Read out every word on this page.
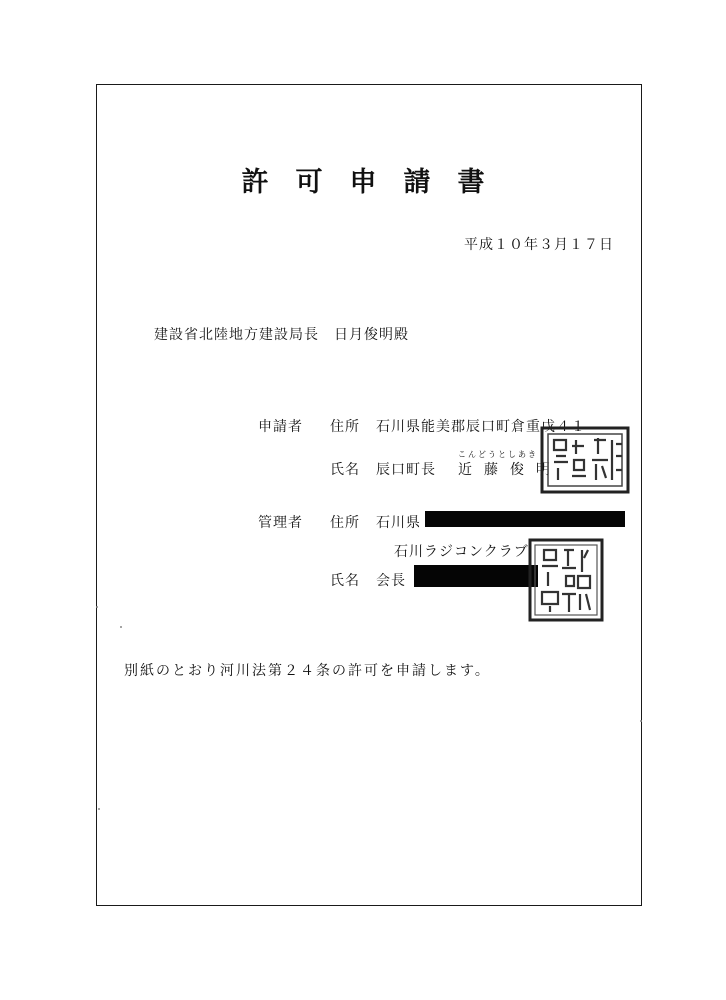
許可申請書
平成１０年３月１７日
建設省北陸地方建設局長　日月俊明殿
申請者 住所 石川県能美郡辰口町倉重戊４１
こんどうとしあき
氏名 辰口町長 近藤俊明
管理者 住所 石川県
石川ラジコンクラブ
氏名 会長
別紙のとおり河川法第２４条の許可を申請します。
